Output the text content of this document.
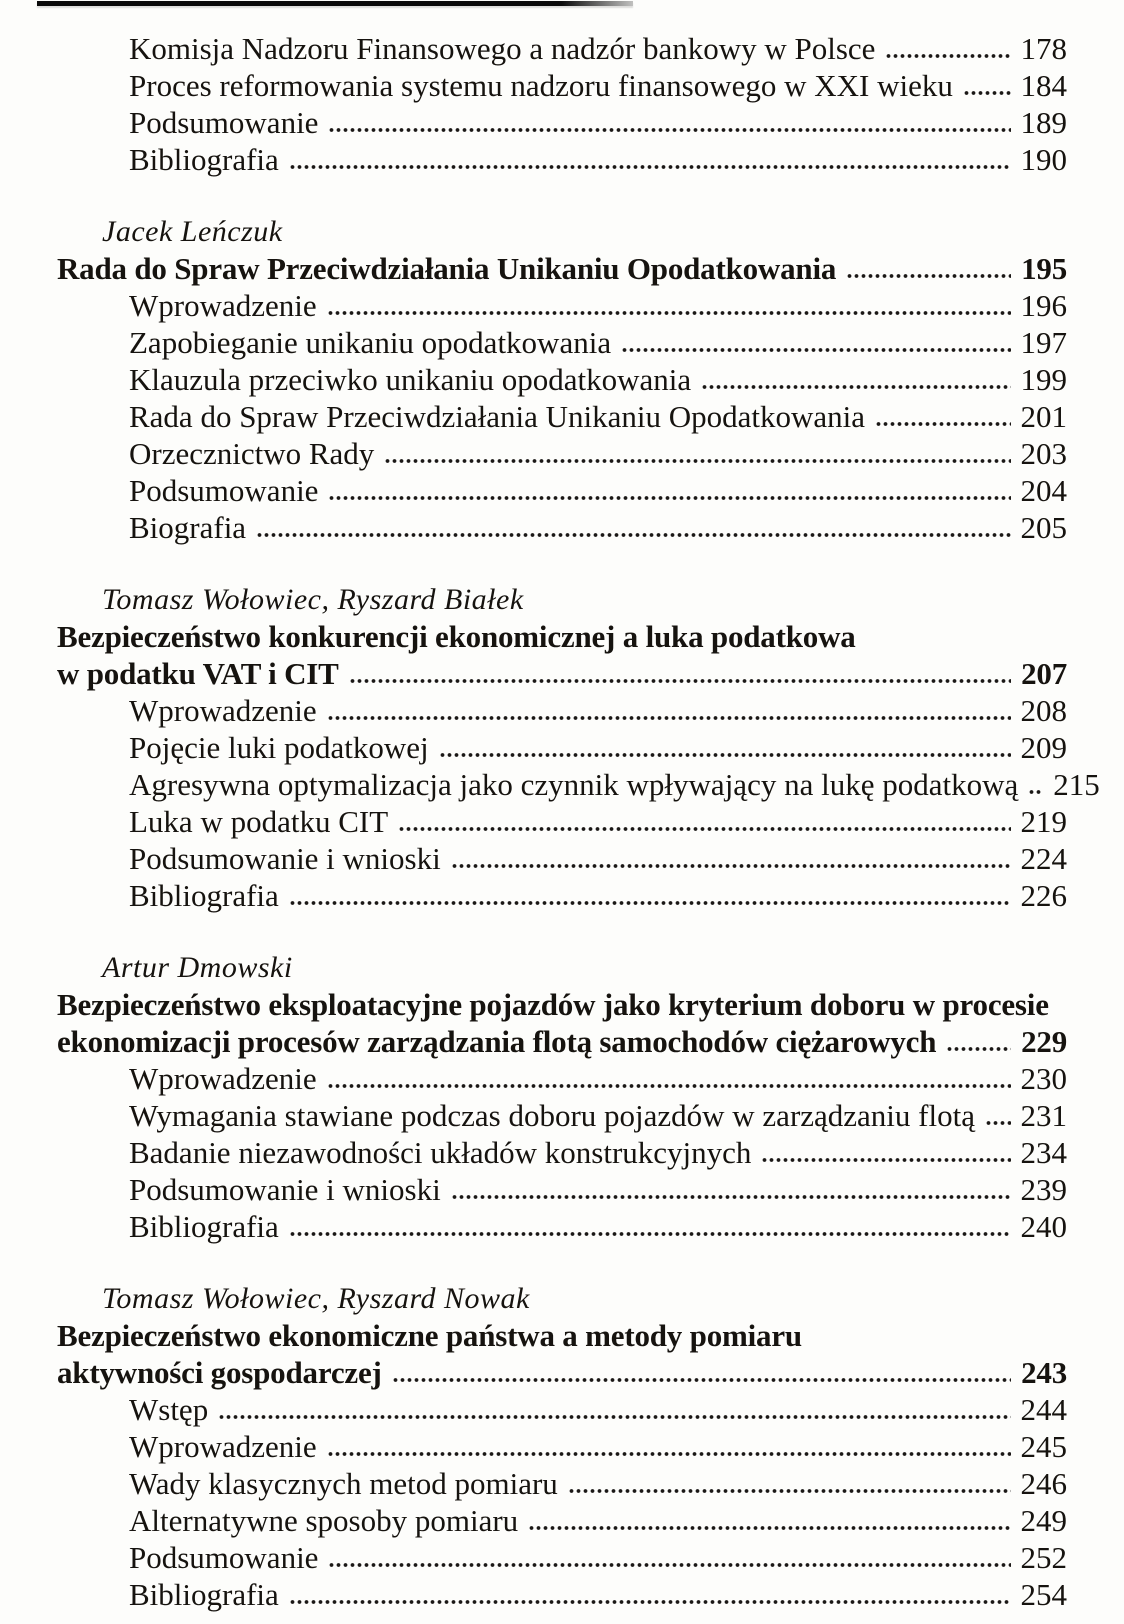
Komisja Nadzoru Finansowego a nadzór bankowy w Polsce	178
Proces reformowania systemu nadzoru finansowego w XXI wieku 184
Podsumowanie	189
Bibliografia	190
Jacek Leńczuk
Rada do Spraw Przeciwdziałania Unikaniu Opodatkowania	195
Wprowadzenie	196
Zapobieganie unikaniu opodatkowania	197
Klauzula przeciwko unikaniu opodatkowania	199
Rada do Spraw Przeciwdziałania Unikaniu Opodatkowania	201
Orzecznictwo Rady	203
Podsumowanie	204
Biografia	205
Tomasz Wołowiec, Ryszard Białek
Bezpieczeństwo konkurencji ekonomicznej a luka podatkowa
w podatku VAT i CIT	207
Wprowadzenie	208
Pojęcie luki podatkowej	209
Agresywna optymalizacja jako czynnik wpływający na lukę podatkową 215
Luka w podatku CIT	219
Podsumowanie i wnioski	224
Bibliografia	226
Artur Dmowski
Bezpieczeństwo eksploatacyjne pojazdów jako kryterium doboru w procesie
ekonomizacji procesów zarządzania flotą samochodów ciężarowych	229
Wprowadzenie	230
Wymagania stawiane podczas doboru pojazdów w zarządzaniu flotą 231
Badanie niezawodności układów konstrukcyjnych	234
Podsumowanie i wnioski	239
Bibliografia	240
Tomasz Wołowiec, Ryszard Nowak
Bezpieczeństwo ekonomiczne państwa a metody pomiaru
aktywności gospodarczej	243
Wstęp	244
Wprowadzenie	245
Wady klasycznych metod pomiaru	246
Alternatywne sposoby pomiaru	249
Podsumowanie	252
Bibliografia	254
